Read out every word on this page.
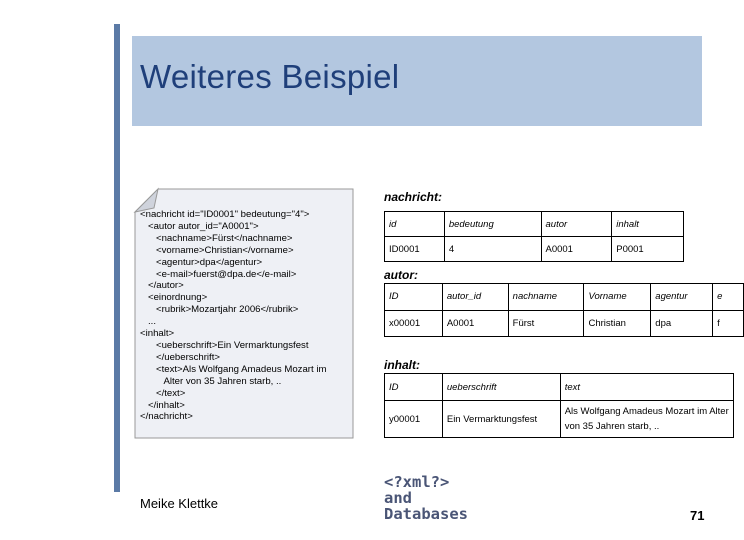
Weiteres Beispiel
<nachricht id="ID0001" bedeutung="4">
<autor autor_id="A0001">
<nachname>Fürst</nachname>
<vorname>Christian</vorname>
<agentur>dpa</agentur>
<e-mail>fuerst@dpa.de</e-mail>
</autor>
<einordnung>
<rubrik>Mozartjahr 2006</rubrik>
...
<inhalt>
<ueberschrift>Ein Vermarktungsfest
</ueberschrift>
<text>Als Wolfgang Amadeus Mozart im
Alter von 35 Jahren starb, ..
</text>
</inhalt>
</nachricht>
nachricht:
id	bedeutung	autor	inhalt
ID0001	4	A0001	P0001
autor:
ID	autor_id	nachname	Vorname	agentur	e
x00001	A0001	Fürst	Christian	dpa	f
inhalt:
ID	ueberschrift	text
y00001	Ein Vermarktungsfest	Als Wolfgang Amadeus Mozart im Alter von 35 Jahren starb, ..
Meike Klettke
<?xml?>
and
Databases	71
